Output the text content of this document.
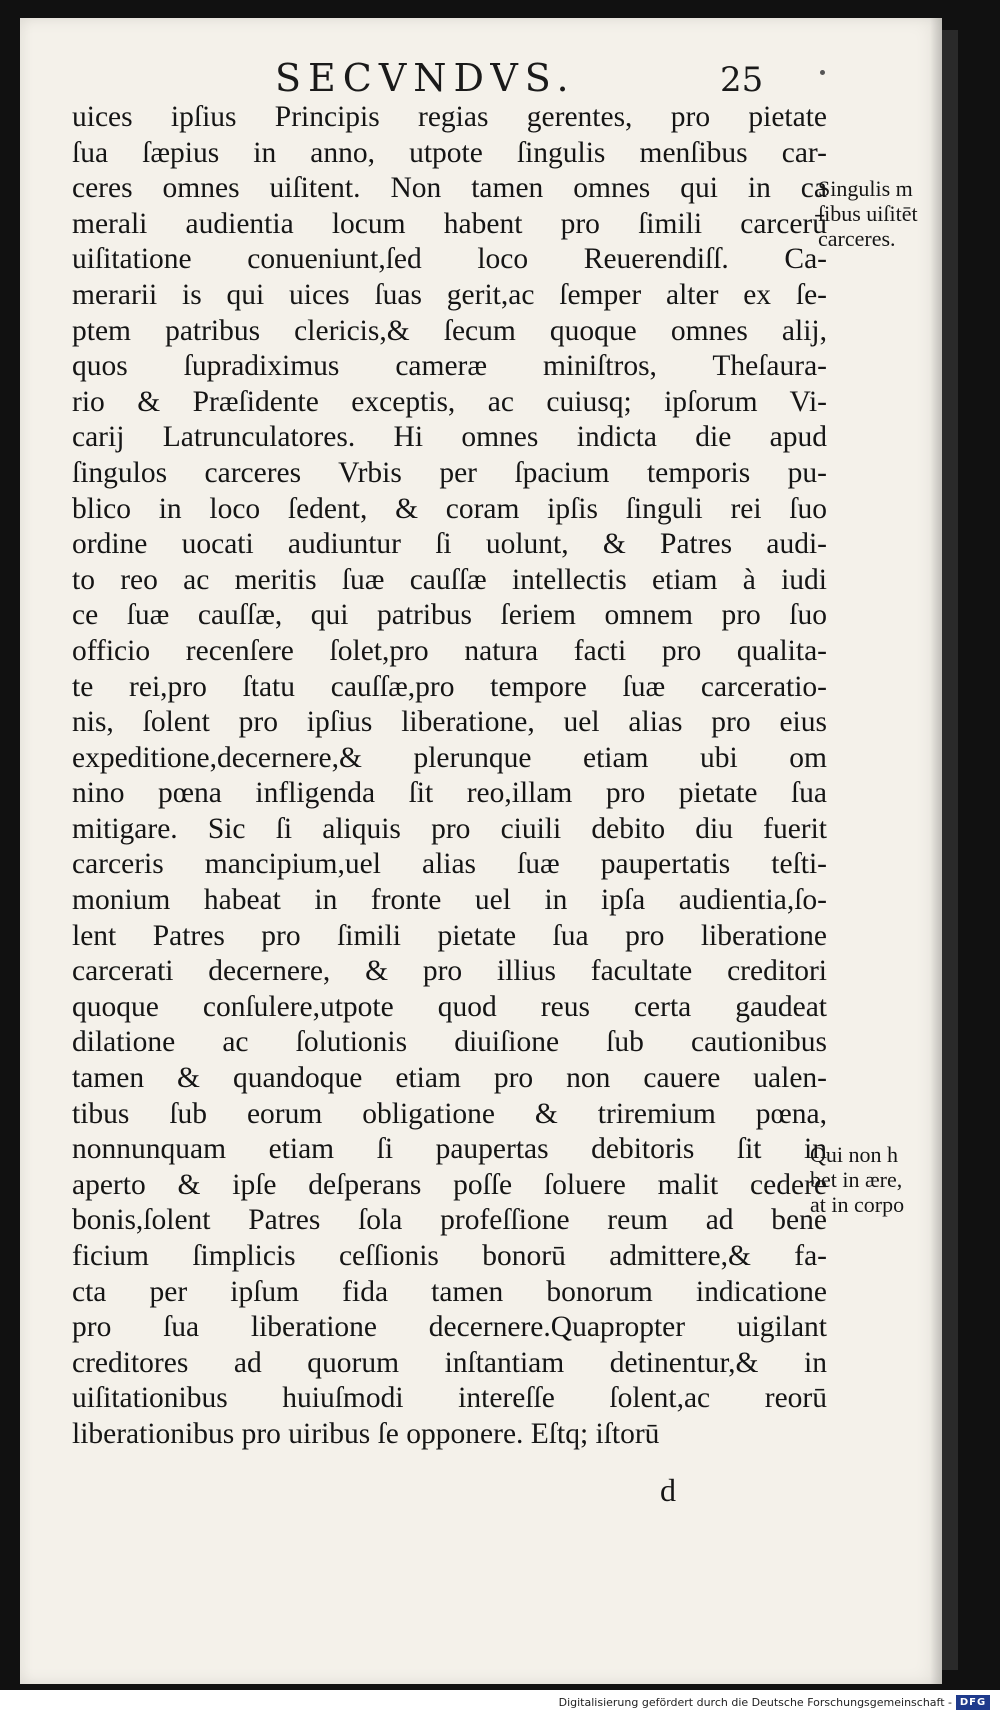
SECVNDVS.	25
uices ipſius Principis regias gerentes, pro pietate
ſua ſæpius in anno, utpote ſingulis menſibus car-
ceres omnes uiſitent. Non tamen omnes qui in ca
merali audientia locum habent pro ſimili carcerū
uiſitatione conueniunt,ſed loco Reuerendiſſ. Ca-
merarii is qui uices ſuas gerit,ac ſemper alter ex ſe-
ptem patribus clericis,& ſecum quoque omnes alij,
quos ſupradiximus cameræ miniſtros, Theſaura-
rio & Præſidente exceptis, ac cuiusq; ipſorum Vi-
carij Latrunculatores. Hi omnes indicta die apud
ſingulos carceres Vrbis per ſpacium temporis pu-
blico in loco ſedent, & coram ipſis ſinguli rei ſuo
ordine uocati audiuntur ſi uolunt, & Patres audi-
to reo ac meritis ſuæ cauſſæ intellectis etiam à iudi
ce ſuæ cauſſæ, qui patribus ſeriem omnem pro ſuo
officio recenſere ſolet,pro natura facti pro qualita-
te rei,pro ſtatu cauſſæ,pro tempore ſuæ carceratio-
nis, ſolent pro ipſius liberatione, uel alias pro eius
expeditione,decernere,& plerunque etiam ubi om
nino pœna infligenda ſit reo,illam pro pietate ſua
mitigare. Sic ſi aliquis pro ciuili debito diu fuerit
carceris mancipium,uel alias ſuæ paupertatis teſti-
monium habeat in fronte uel in ipſa audientia,ſo-
lent Patres pro ſimili pietate ſua pro liberatione
carcerati decernere, & pro illius facultate creditori
quoque conſulere,utpote quod reus certa gaudeat
dilatione ac ſolutionis diuiſione ſub cautionibus
tamen & quandoque etiam pro non cauere ualen-
tibus ſub eorum obligatione & triremium pœna,
nonnunquam etiam ſi paupertas debitoris ſit in
aperto & ipſe deſperans poſſe ſoluere malit cedere
bonis,ſolent Patres ſola profeſſione reum ad bene
ficium ſimplicis ceſſionis bonorū admittere,& fa-
cta per ipſum fida tamen bonorum indicatione
pro ſua liberatione decernere.Quapropter uigilant
creditores ad quorum inſtantiam detinentur,& in
uiſitationibus huiuſmodi intereſſe ſolent,ac reorū
liberationibus pro uiribus ſe opponere. Eſtq; iſtorū
d
Singulis m
ſibus uiſitēt
carceres.
Qui non h
bet in ære,
at in corpo
Digitalisierung gefördert durch die Deutsche Forschungsgemeinschaft - DFG
